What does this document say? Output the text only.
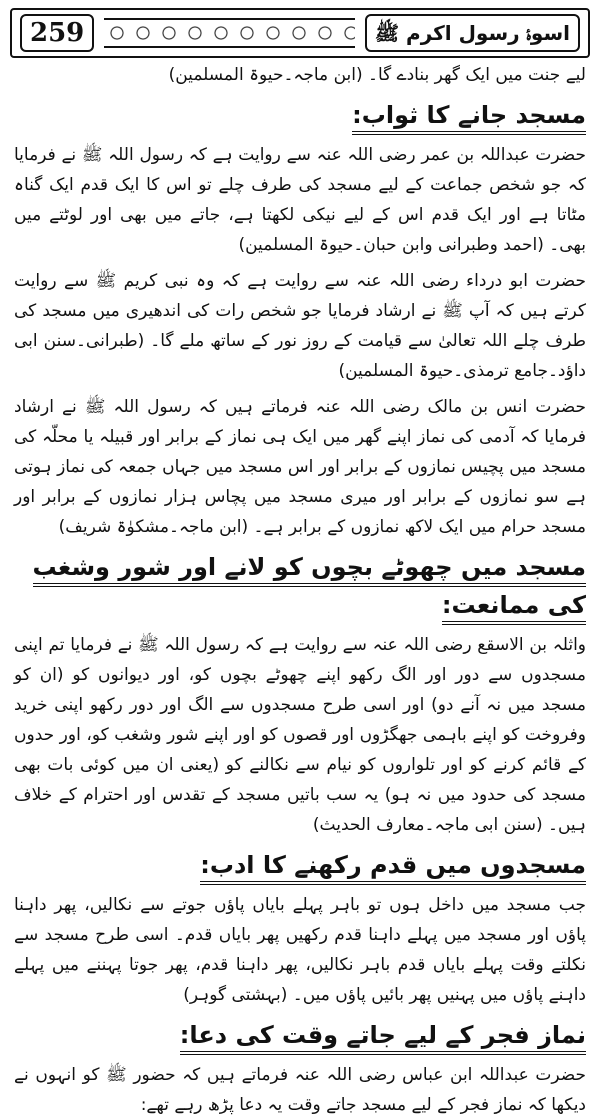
259	اسوۂ رسول اکرم ﷺ

لیے جنت میں ایک گھر بنادے گا۔ (ابن ماجہ۔حیوۃ المسلمین)

مسجد جانے کا ثواب:

حضرت عبداللہ بن عمر رضی اللہ عنہ سے روایت ہے کہ رسول اللہ ﷺ نے فرمایا کہ جو شخص جماعت کے لیے مسجد کی طرف چلے تو اس کا ایک قدم ایک گناہ مٹاتا ہے اور ایک قدم اس کے لیے نیکی لکھتا ہے، جاتے میں بھی اور لوٹتے میں بھی۔ (احمد وطبرانی وابن حبان۔حیوۃ المسلمین)

حضرت ابو درداء رضی اللہ عنہ سے روایت ہے کہ وہ نبی کریم ﷺ سے روایت کرتے ہیں کہ آپ ﷺ نے ارشاد فرمایا جو شخص رات کی اندھیری میں مسجد کی طرف چلے اللہ تعالیٰ سے قیامت کے روز نور کے ساتھ ملے گا۔ (طبرانی۔سنن ابی داؤد۔جامع ترمذی۔حیوۃ المسلمین)

حضرت انس بن مالک رضی اللہ عنہ فرماتے ہیں کہ رسول اللہ ﷺ نے ارشاد فرمایا کہ آدمی کی نماز اپنے گھر میں ایک ہی نماز کے برابر اور قبیلہ یا محلّہ کی مسجد میں پچیس نمازوں کے برابر اور اس مسجد میں جہاں جمعہ کی نماز ہوتی ہے سو نمازوں کے برابر اور میری مسجد میں پچاس ہزار نمازوں کے برابر اور مسجد حرام میں ایک لاکھ نمازوں کے برابر ہے۔ (ابن ماجہ۔مشکوٰۃ شریف)

مسجد میں چھوٹے بچوں کو لانے اور شور وشغب کی ممانعت:

واثلہ بن الاسقع رضی اللہ عنہ سے روایت ہے کہ رسول اللہ ﷺ نے فرمایا تم اپنی مسجدوں سے دور اور الگ رکھو اپنے چھوٹے بچوں کو، اور دیوانوں کو (ان کو مسجد میں نہ آنے دو) اور اسی طرح مسجدوں سے الگ اور دور رکھو اپنی خرید وفروخت کو اپنے باہمی جھگڑوں اور قصوں کو اور اپنے شور وشغب کو، اور حدوں کے قائم کرنے کو اور تلواروں کو نیام سے نکالنے کو (یعنی ان میں کوئی بات بھی مسجد کی حدود میں نہ ہو) یہ سب باتیں مسجد کے تقدس اور احترام کے خلاف ہیں۔ (سنن ابی ماجہ۔معارف الحدیث)

مسجدوں میں قدم رکھنے کا ادب:

جب مسجد میں داخل ہوں تو باہر پہلے بایاں پاؤں جوتے سے نکالیں، پھر داہنا پاؤں اور مسجد میں پہلے داہنا قدم رکھیں پھر بایاں قدم۔ اسی طرح مسجد سے نکلتے وقت پہلے بایاں قدم باہر نکالیں، پھر داہنا قدم، پھر جوتا پہننے میں پہلے داہنے پاؤں میں پہنیں پھر بائیں پاؤں میں۔ (بہشتی گوہر)

نماز فجر کے لیے جاتے وقت کی دعا:

حضرت عبداللہ ابن عباس رضی اللہ عنہ فرماتے ہیں کہ حضور ﷺ کو انہوں نے دیکھا کہ نماز فجر کے لیے مسجد جاتے وقت یہ دعا پڑھ رہے تھے:
